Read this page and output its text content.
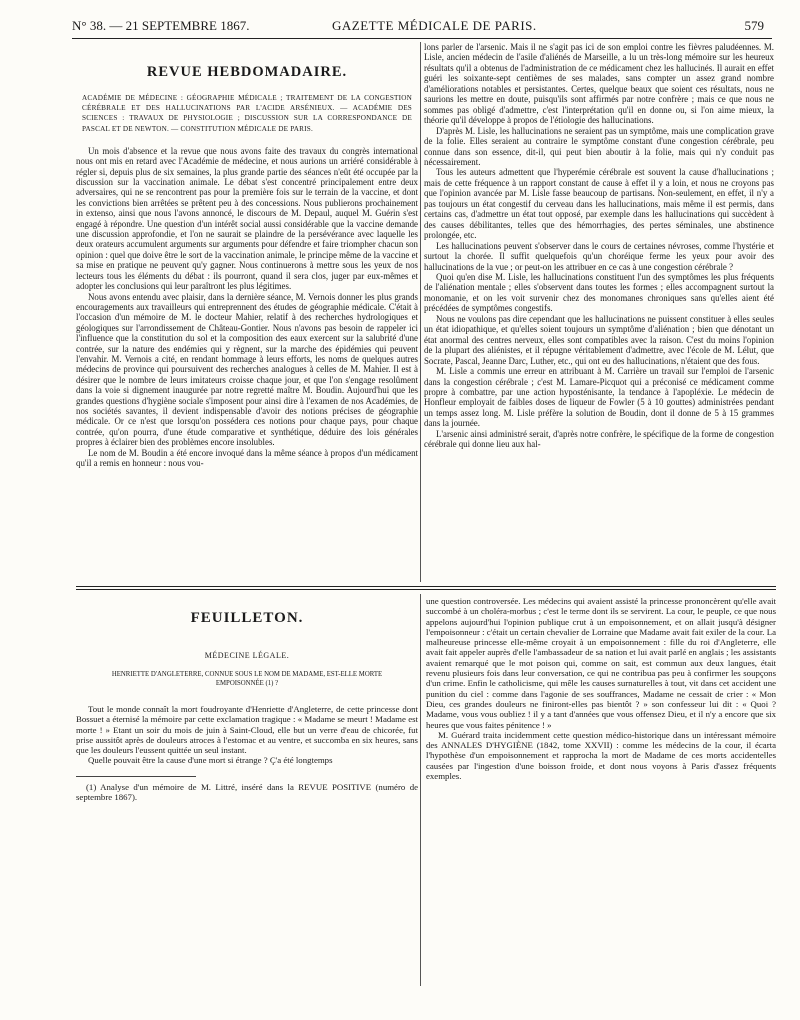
N° 38. — 21 SEPTEMBRE 1867.	GAZETTE MÉDICALE DE PARIS.	579
REVUE HEBDOMADAIRE.
ACADÉMIE DE MÉDECINE : GÉOGRAPHIE MÉDICALE ; TRAITEMENT DE LA CONGESTION CÉRÉBRALE ET DES HALLUCINATIONS PAR L'ACIDE ARSÉNIEUX. — ACADÉMIE DES SCIENCES : TRAVAUX DE PHYSIOLOGIE ; DISCUSSION SUR LA CORRESPONDANCE DE PASCAL ET DE NEWTON. — CONSTITUTION MÉDICALE DE PARIS.

Un mois d'absence et la revue que nous avons faite des travaux du congrès international nous ont mis en retard avec l'Académie de médecine, et nous aurions un arriéré considérable à régler si, depuis plus de six semaines, la plus grande partie des séances n'eût été occupée par la discussion sur la vaccination animale. Le débat s'est concentré principalement entre deux adversaires, qui ne se rencontrent pas pour la première fois sur le terrain de la vaccine, et dont les convictions bien arrêtées se prêtent peu à des concessions. Nous publierons prochainement in extenso, ainsi que nous l'avons annoncé, le discours de M. Depaul, auquel M. Guérin s'est engagé à répondre. Une question d'un intérêt social aussi considérable que la vaccine demande une discussion approfondie, et l'on ne saurait se plaindre de la persévérance avec laquelle les deux orateurs accumulent arguments sur arguments pour défendre et faire triompher chacun son opinion : quel que doive être le sort de la vaccination animale, le principe même de la vaccine et sa mise en pratique ne peuvent qu'y gagner. Nous continuerons à mettre sous les yeux de nos lecteurs tous les éléments du débat : ils pourront, quand il sera clos, juger par eux-mêmes et adopter les conclusions qui leur paraîtront les plus légitimes.

Nous avons entendu avec plaisir, dans la dernière séance, M. Vernois donner les plus grands encouragements aux travailleurs qui entreprennent des études de géographie médicale. C'était à l'occasion d'un mémoire de M. le docteur Mahier, relatif à des recherches hydrologiques et géologiques sur l'arrondissement de Château-Gontier. Nous n'avons pas besoin de rappeler ici l'influence que la constitution du sol et la composition des eaux exercent sur la salubrité d'une contrée, sur la nature des endémies qui y règnent, sur la marche des épidémies qui peuvent l'envahir. M. Vernois a cité, en rendant hommage à leurs efforts, les noms de quelques autres médecins de province qui poursuivent des recherches analogues à celles de M. Mahier. Il est à désirer que le nombre de leurs imitateurs croisse chaque jour, et que l'on s'engage resolûment dans la voie si dignement inaugurée par notre regretté maître M. Boudin. Aujourd'hui que les grandes questions d'hygiène sociale s'imposent pour ainsi dire à l'examen de nos Académies, de nos sociétés savantes, il devient indispensable d'avoir des notions précises de géographie médicale. Or ce n'est que lorsqu'on possédera ces notions pour chaque pays, pour chaque contrée, qu'on pourra, d'une étude comparative et synthétique, déduire des lois générales propres à éclairer bien des problèmes encore insolubles.

Le nom de M. Boudin a été encore invoqué dans la même séance à propos d'un médicament qu'il a remis en honneur : nous vou-

lons parler de l'arsenic. Mais il ne s'agit pas ici de son emploi contre les fièvres paludéennes. M. Lisle, ancien médecin de l'asile d'aliénés de Marseille, a lu un très-long mémoire sur les heureux résultats qu'il a obtenus de l'administration de ce médicament chez les hallucinés. Il aurait en effet guéri les soixante-sept centièmes de ses malades, sans compter un assez grand nombre d'améliorations notables et persistantes. Certes, quelque beaux que soient ces résultats, nous ne saurions les mettre en doute, puisqu'ils sont affirmés par notre confrère ; mais ce que nous ne sommes pas obligé d'admettre, c'est l'interprétation qu'il en donne ou, si l'on aime mieux, la théorie qu'il développe à propos de l'étiologie des hallucinations.

D'après M. Lisle, les hallucinations ne seraient pas un symptôme, mais une complication grave de la folie. Elles seraient au contraire le symptôme constant d'une congestion cérébrale, peu connue dans son essence, dit-il, qui peut bien aboutir à la folie, mais qui n'y conduit pas nécessairement.

Tous les auteurs admettent que l'hyperémie cérébrale est souvent la cause d'hallucinations ; mais de cette fréquence à un rapport constant de cause à effet il y a loin, et nous ne croyons pas que l'opinion avancée par M. Lisle fasse beaucoup de partisans. Non-seulement, en effet, il n'y a pas toujours un état congestif du cerveau dans les hallucinations, mais même il est permis, dans certains cas, d'admettre un état tout opposé, par exemple dans les hallucinations qui succèdent à des causes débilitantes, telles que des hémorrhagies, des pertes séminales, une abstinence prolongée, etc.

Les hallucinations peuvent s'observer dans le cours de certaines névroses, comme l'hystérie et surtout la chorée. Il suffit quelquefois qu'un choréique ferme les yeux pour avoir des hallucinations de la vue ; or peut-on les attribuer en ce cas à une congestion cérébrale ?

Quoi qu'en dise M. Lisle, les hallucinations constituent l'un des symptômes les plus fréquents de l'aliénation mentale ; elles s'observent dans toutes les formes ; elles accompagnent surtout la monomanie, et on les voit survenir chez des monomanes chroniques sans qu'elles aient été précédées de symptômes congestifs.

Nous ne voulons pas dire cependant que les hallucinations ne puissent constituer à elles seules un état idiopathique, et qu'elles soient toujours un symptôme d'aliénation ; bien que dénotant un état anormal des centres nerveux, elles sont compatibles avec la raison. C'est du moins l'opinion de la plupart des aliénistes, et il répugne véritablement d'admettre, avec l'école de M. Lélut, que Socrate, Pascal, Jeanne Darc, Luther, etc., qui ont eu des hallucinations, n'étaient que des fous.

M. Lisle a commis une erreur en attribuant à M. Carrière un travail sur l'emploi de l'arsenic dans la congestion cérébrale ; c'est M. Lamare-Picquot qui a préconisé ce médicament comme propre à combattre, par une action hyposténisante, la tendance à l'apopléxie. Le médecin de Honfleur employait de faibles doses de liqueur de Fowler (5 à 10 gouttes) administrées pendant un temps assez long. M. Lisle préfère la solution de Boudin, dont il donne de 5 à 15 grammes dans la journée.

L'arsenic ainsi administré serait, d'après notre confrère, le spécifique de la forme de congestion cérébrale qui donne lieu aux hal-

FEUILLETON.
MÉDECINE LÉGALE.
HENRIETTE D'ANGLETERRE, CONNUE SOUS LE NOM DE MADAME, EST-ELLE MORTE EMPOISONNÉE (1) ?

Tout le monde connaît la mort foudroyante d'Henriette d'Angleterre, de cette princesse dont Bossuet a éternisé la mémoire par cette exclamation tragique : « Madame se meurt ! Madame est morte ! » Etant un soir du mois de juin à Saint-Cloud, elle but un verre d'eau de chicorée, fut prise aussitôt après de douleurs atroces à l'estomac et au ventre, et succomba en six heures, sans que les douleurs l'eussent quittée un seul instant.

Quelle pouvait être la cause d'une mort si étrange ? Ç'a été longtemps

(1) Analyse d'un mémoire de M. Littré, inséré dans la REVUE POSITIVE (numéro de septembre 1867).

une question controversée. Les médecins qui avaient assisté la princesse prononcèrent qu'elle avait succombé à un choléra-morbus ; c'est le terme dont ils se servirent. La cour, le peuple, ce que nous appelons aujourd'hui l'opinion publique crut à un empoisonnement, et on allait jusqu'à désigner l'empoisonneur : c'était un certain chevalier de Lorraine que Madame avait fait exiler de la cour. La malheureuse princesse elle-même croyait à un empoisonnement : fille du roi d'Angleterre, elle avait fait appeler auprès d'elle l'ambassadeur de sa nation et lui avait parlé en anglais ; les assistants avaient remarqué que le mot poison qui, comme on sait, est commun aux deux langues, était revenu plusieurs fois dans leur conversation, ce qui ne contribua pas peu à confirmer les soupçons d'un crime. Enfin le catholicisme, qui mêle les causes surnaturelles à tout, vit dans cet accident une punition du ciel : comme dans l'agonie de ses souffrances, Madame ne cessait de crier : « Mon Dieu, ces grandes douleurs ne finiront-elles pas bientôt ? » son confesseur lui dit : « Quoi ? Madame, vous vous oubliez ! il y a tant d'années que vous offensez Dieu, et il n'y a encore que six heures que vous faites pénitence ! »

M. Guérard traita incidemment cette question médico-historique dans un intéressant mémoire des ANNALES D'HYGIÈNE (1842, tome XXVII) : comme les médecins de la cour, il écarta l'hypothèse d'un empoisonnement et rapprocha la mort de Madame de ces morts accidentelles causées par l'ingestion d'une boisson froide, et dont nous voyons à Paris d'assez fréquents exemples.
